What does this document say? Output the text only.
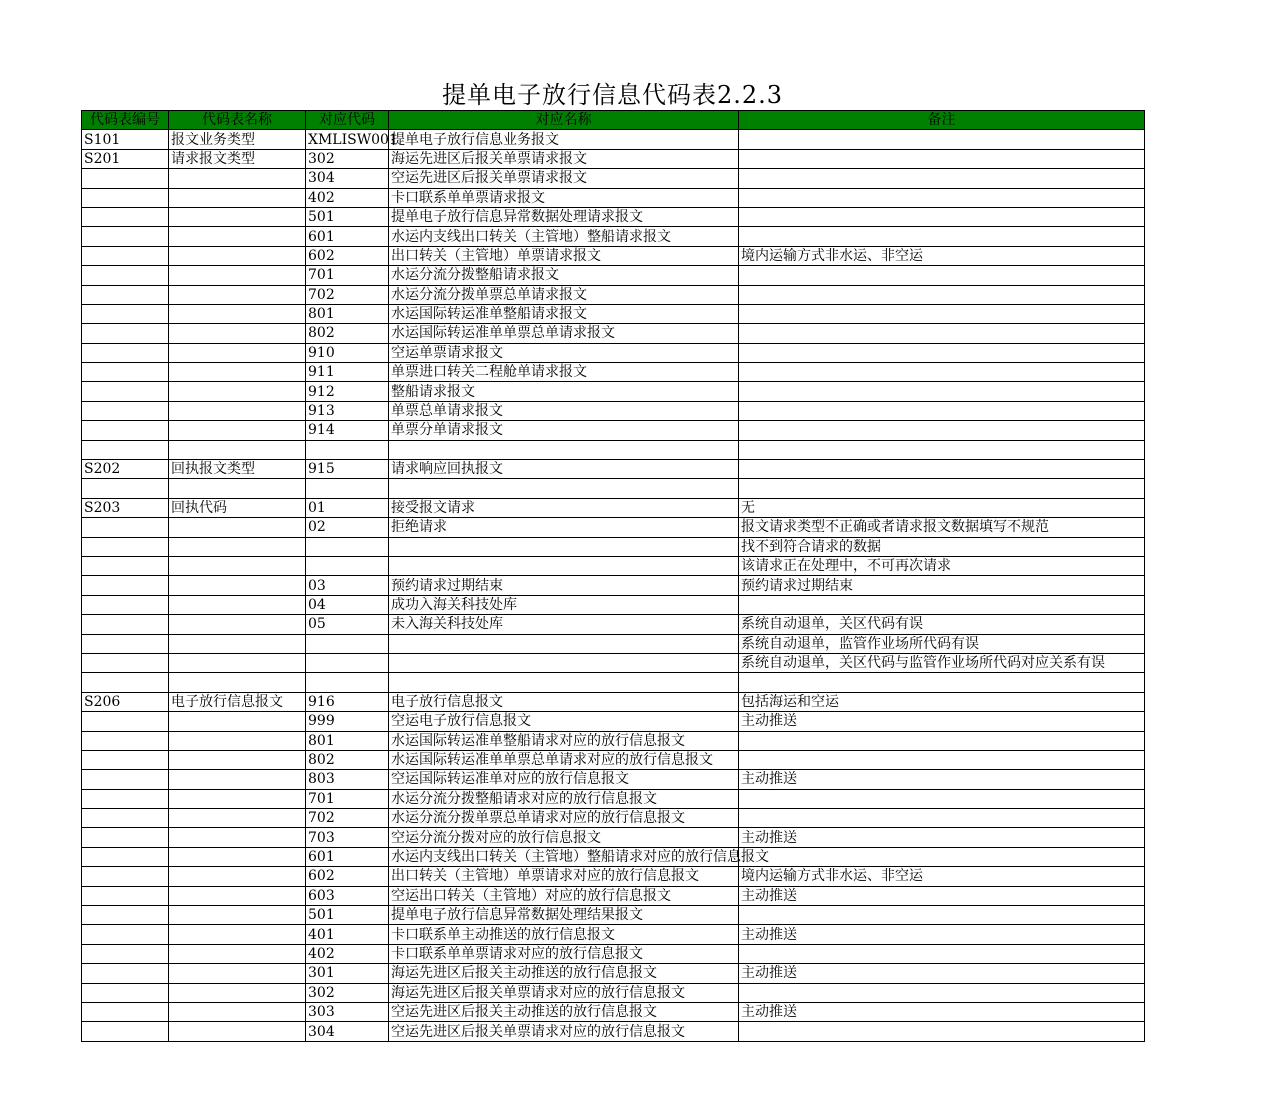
提单电子放行信息代码表2.2.3
代码表编号	代码表名称	对应代码	对应名称	备注
S101	报文业务类型	XMLISW001	提单电子放行信息业务报文	
S201	请求报文类型	302	海运先进区后报关单票请求报文	
		304	空运先进区后报关单票请求报文	
		402	卡口联系单单票请求报文	
		501	提单电子放行信息异常数据处理请求报文	
		601	水运内支线出口转关（主管地）整船请求报文	
		602	出口转关（主管地）单票请求报文	境内运输方式非水运、非空运
		701	水运分流分拨整船请求报文	
		702	水运分流分拨单票总单请求报文	
		801	水运国际转运准单整船请求报文	
		802	水运国际转运准单单票总单请求报文	
		910	空运单票请求报文	
		911	单票进口转关二程舱单请求报文	
		912	整船请求报文	
		913	单票总单请求报文	
		914	单票分单请求报文	

S202	回执报文类型	915	请求响应回执报文	

S203	回执代码	01	接受报文请求	无
		02	拒绝请求	报文请求类型不正确或者请求报文数据填写不规范
				找不到符合请求的数据
				该请求正在处理中，不可再次请求
		03	预约请求过期结束	预约请求过期结束
		04	成功入海关科技处库	
		05	未入海关科技处库	系统自动退单，关区代码有误
				系统自动退单，监管作业场所代码有误
				系统自动退单，关区代码与监管作业场所代码对应关系有误

S206	电子放行信息报文	916	电子放行信息报文	包括海运和空运
		999	空运电子放行信息报文	主动推送
		801	水运国际转运准单整船请求对应的放行信息报文	
		802	水运国际转运准单单票总单请求对应的放行信息报文	
		803	空运国际转运准单对应的放行信息报文	主动推送
		701	水运分流分拨整船请求对应的放行信息报文	
		702	水运分流分拨单票总单请求对应的放行信息报文	
		703	空运分流分拨对应的放行信息报文	主动推送
		601	水运内支线出口转关（主管地）整船请求对应的放行信息报文	
		602	出口转关（主管地）单票请求对应的放行信息报文	境内运输方式非水运、非空运
		603	空运出口转关（主管地）对应的放行信息报文	主动推送
		501	提单电子放行信息异常数据处理结果报文	
		401	卡口联系单主动推送的放行信息报文	主动推送
		402	卡口联系单单票请求对应的放行信息报文	
		301	海运先进区后报关主动推送的放行信息报文	主动推送
		302	海运先进区后报关单票请求对应的放行信息报文	
		303	空运先进区后报关主动推送的放行信息报文	主动推送
		304	空运先进区后报关单票请求对应的放行信息报文	
